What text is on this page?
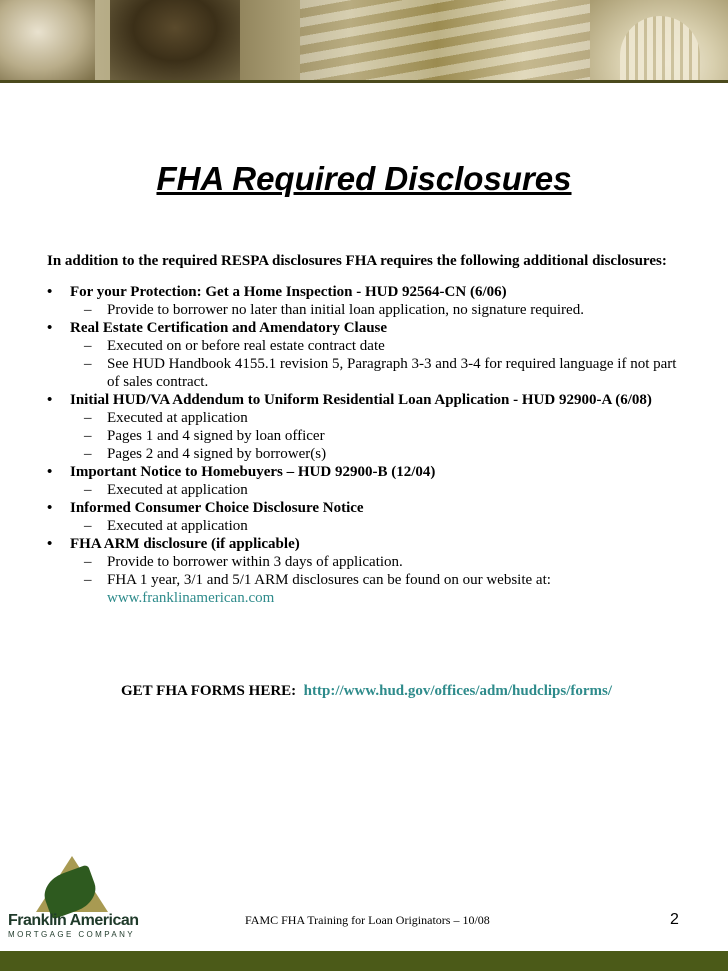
FHA Required Disclosures
In addition to the required RESPA disclosures FHA requires the following additional disclosures:
• For your Protection: Get a Home Inspection - HUD 92564-CN (6/06)
– Provide to borrower no later than initial loan application, no signature required.
• Real Estate Certification and Amendatory Clause
– Executed on or before real estate contract date
– See HUD Handbook 4155.1 revision 5, Paragraph 3-3 and 3-4 for required language if not part of sales contract.
• Initial HUD/VA Addendum to Uniform Residential Loan Application - HUD 92900-A (6/08)
– Executed at application
– Pages 1 and 4 signed by loan officer
– Pages 2 and 4 signed by borrower(s)
• Important Notice to Homebuyers – HUD 92900-B (12/04)
– Executed at application
• Informed Consumer Choice Disclosure Notice
– Executed at application
• FHA ARM disclosure (if applicable)
– Provide to borrower within 3 days of application.
– FHA 1 year, 3/1 and 5/1 ARM disclosures can be found on our website at:
www.franklinamerican.com
GET FHA FORMS HERE: http://www.hud.gov/offices/adm/hudclips/forms/
Franklin American
MORTGAGE COMPANY
FAMC FHA Training for Loan Originators – 10/08	2
